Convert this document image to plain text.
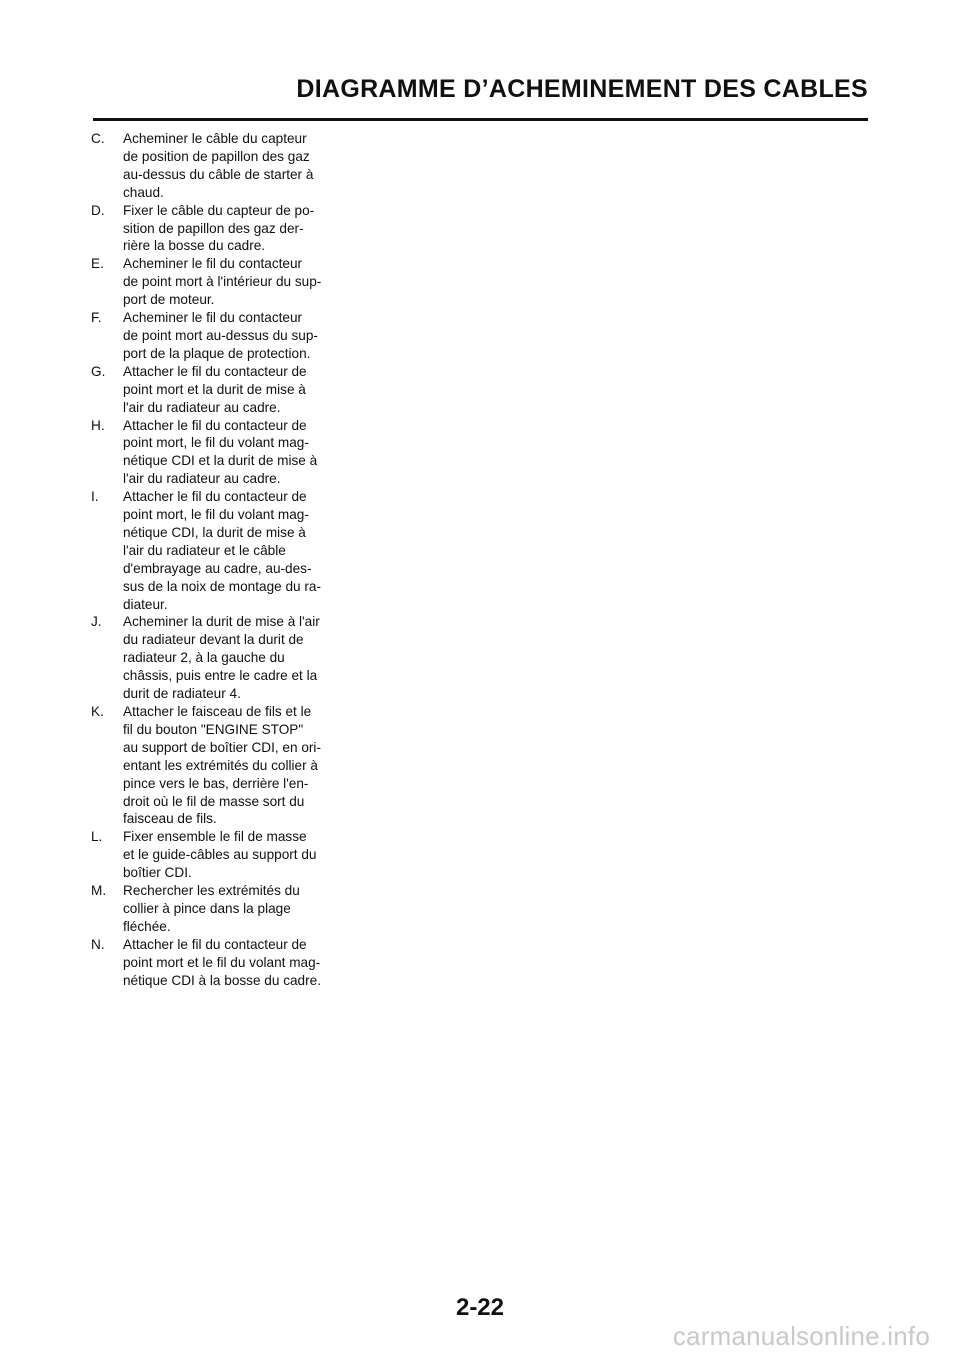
DIAGRAMME D’ACHEMINEMENT DES CABLES
C. Acheminer le câble du capteur
de position de papillon des gaz
au-dessus du câble de starter à
chaud.
D. Fixer le câble du capteur de po-
sition de papillon des gaz der-
rière la bosse du cadre.
E. Acheminer le fil du contacteur
de point mort à l'intérieur du sup-
port de moteur.
F. Acheminer le fil du contacteur
de point mort au-dessus du sup-
port de la plaque de protection.
G. Attacher le fil du contacteur de
point mort et la durit de mise à
l'air du radiateur au cadre.
H. Attacher le fil du contacteur de
point mort, le fil du volant mag-
nétique CDI et la durit de mise à
l'air du radiateur au cadre.
I. Attacher le fil du contacteur de
point mort, le fil du volant mag-
nétique CDI, la durit de mise à
l'air du radiateur et le câble
d'embrayage au cadre, au-des-
sus de la noix de montage du ra-
diateur.
J. Acheminer la durit de mise à l'air
du radiateur devant la durit de
radiateur 2, à la gauche du
châssis, puis entre le cadre et la
durit de radiateur 4.
K. Attacher le faisceau de fils et le
fil du bouton "ENGINE STOP"
au support de boîtier CDI, en ori-
entant les extrémités du collier à
pince vers le bas, derrière l'en-
droit où le fil de masse sort du
faisceau de fils.
L. Fixer ensemble le fil de masse
et le guide-câbles au support du
boîtier CDI.
M. Rechercher les extrémités du
collier à pince dans la plage
fléchée.
N. Attacher le fil du contacteur de
point mort et le fil du volant mag-
nétique CDI à la bosse du cadre.
2-22
carmanualsonline.info
